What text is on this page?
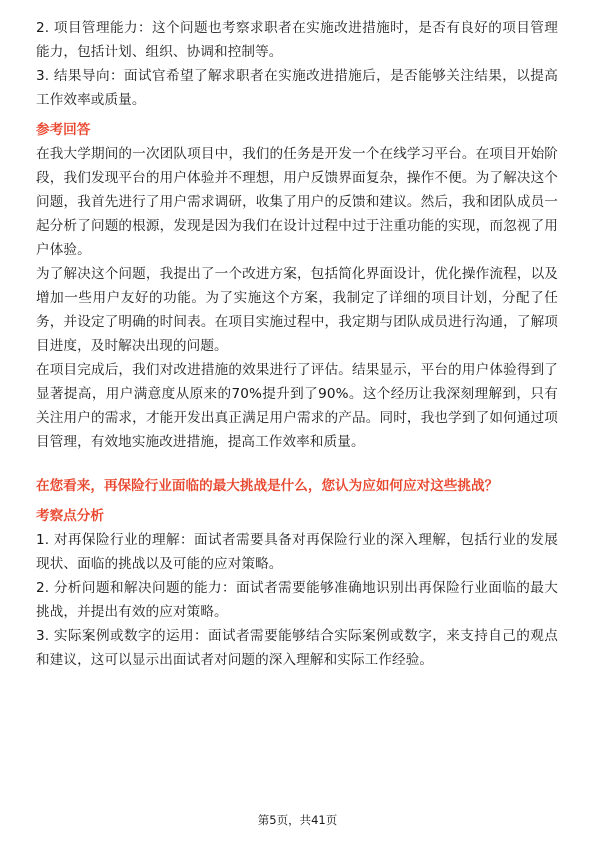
2. 项目管理能力：这个问题也考察求职者在实施改进措施时，是否有良好的项目管理能力，包括计划、组织、协调和控制等。

3. 结果导向：面试官希望了解求职者在实施改进措施后，是否能够关注结果，以提高工作效率或质量。

参考回答

在我大学期间的一次团队项目中，我们的任务是开发一个在线学习平台。在项目开始阶段，我们发现平台的用户体验并不理想，用户反馈界面复杂，操作不便。为了解决这个问题，我首先进行了用户需求调研，收集了用户的反馈和建议。然后，我和团队成员一起分析了问题的根源，发现是因为我们在设计过程中过于注重功能的实现，而忽视了用户体验。

为了解决这个问题，我提出了一个改进方案，包括简化界面设计，优化操作流程，以及增加一些用户友好的功能。为了实施这个方案，我制定了详细的项目计划，分配了任务，并设定了明确的时间表。在项目实施过程中，我定期与团队成员进行沟通，了解项目进度，及时解决出现的问题。

在项目完成后，我们对改进措施的效果进行了评估。结果显示，平台的用户体验得到了显著提高，用户满意度从原来的70%提升到了90%。这个经历让我深刻理解到，只有关注用户的需求，才能开发出真正满足用户需求的产品。同时，我也学到了如何通过项目管理，有效地实施改进措施，提高工作效率和质量。

在您看来，再保险行业面临的最大挑战是什么，您认为应如何应对这些挑战？

考察点分析

1. 对再保险行业的理解：面试者需要具备对再保险行业的深入理解，包括行业的发展现状、面临的挑战以及可能的应对策略。

2. 分析问题和解决问题的能力：面试者需要能够准确地识别出再保险行业面临的最大挑战，并提出有效的应对策略。

3. 实际案例或数字的运用：面试者需要能够结合实际案例或数字，来支持自己的观点和建议，这可以显示出面试者对问题的深入理解和实际工作经验。

第5页，共41页
